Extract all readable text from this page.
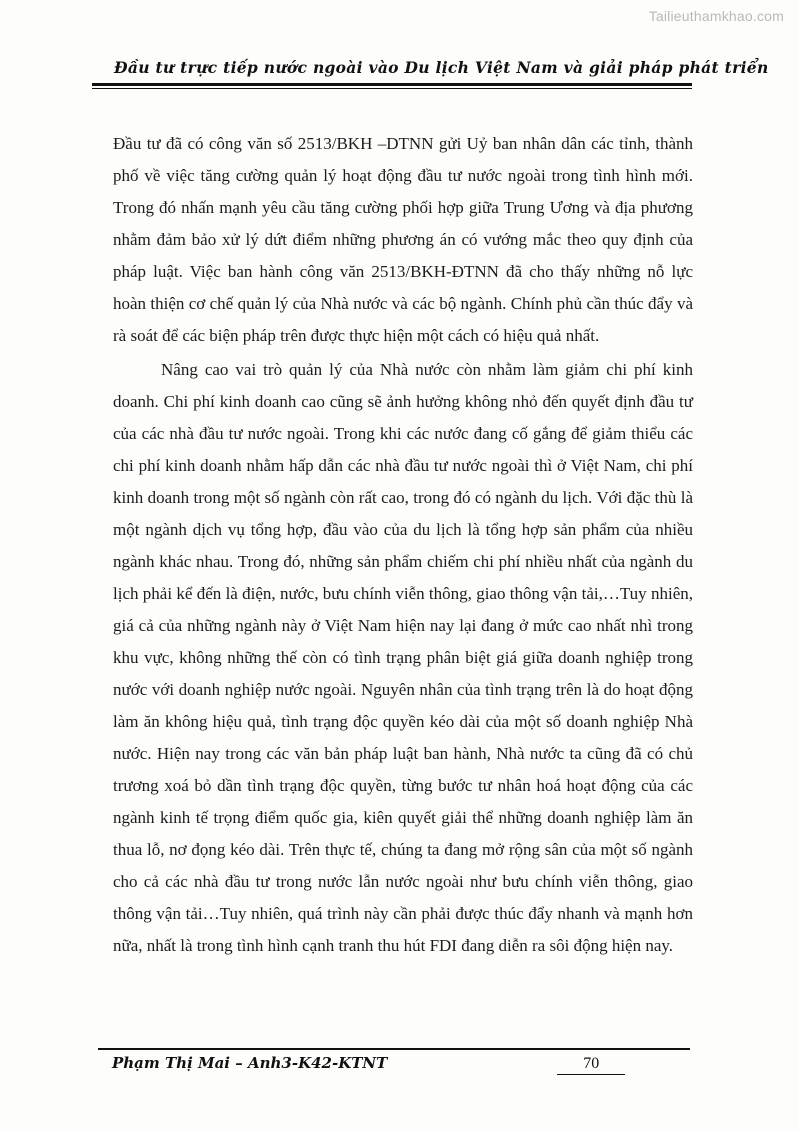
Tailieuthamkhao.com
Đầu tư trực tiếp nước ngoài vào Du lịch Việt Nam và giải pháp phát triển

Đầu tư đã có công văn số 2513/BKH –DTNN gửi Uỷ ban nhân dân các tỉnh, thành phố về việc tăng cường quản lý hoạt động đầu tư nước ngoài trong tình hình mới. Trong đó nhấn mạnh yêu cầu tăng cường phối hợp giữa Trung Ương và địa phương nhằm đảm bảo xử lý dứt điểm những phương án có vướng mắc theo quy định của pháp luật. Việc ban hành công văn 2513/BKH-ĐTNN đã cho thấy những nỗ lực hoàn thiện cơ chế quản lý của Nhà nước và các bộ ngành. Chính phủ cần thúc đẩy và rà soát để các biện pháp trên được thực hiện một cách có hiệu quả nhất.

Nâng cao vai trò quản lý của Nhà nước còn nhằm làm giảm chi phí kinh doanh. Chi phí kinh doanh cao cũng sẽ ảnh hưởng không nhỏ đến quyết định đầu tư của các nhà đầu tư nước ngoài. Trong khi các nước đang cố gắng để giảm thiểu các chi phí kinh doanh nhằm hấp dẫn các nhà đầu tư nước ngoài thì ở Việt Nam, chi phí kinh doanh trong một số ngành còn rất cao, trong đó có ngành du lịch. Với đặc thù là một ngành dịch vụ tổng hợp, đầu vào của du lịch là tổng hợp sản phẩm của nhiều ngành khác nhau. Trong đó, những sản phẩm chiếm chi phí nhiều nhất của ngành du lịch phải kể đến là điện, nước, bưu chính viễn thông, giao thông vận tải,…Tuy nhiên, giá cả của những ngành này ở Việt Nam hiện nay lại đang ở mức cao nhất nhì trong khu vực, không những thế còn có tình trạng phân biệt giá giữa doanh nghiệp trong nước với doanh nghiệp nước ngoài. Nguyên nhân của tình trạng trên là do hoạt động làm ăn không hiệu quả, tình trạng độc quyền kéo dài của một số doanh nghiệp Nhà nước. Hiện nay trong các văn bản pháp luật ban hành, Nhà nước ta cũng đã có chủ trương xoá bỏ dần tình trạng độc quyền, từng bước tư nhân hoá hoạt động của các ngành kinh tế trọng điểm quốc gia, kiên quyết giải thể những doanh nghiệp làm ăn thua lỗ, nơ đọng kéo dài. Trên thực tế, chúng ta đang mở rộng sân của một số ngành cho cả các nhà đầu tư trong nước lẫn nước ngoài như bưu chính viễn thông, giao thông vận tải…Tuy nhiên, quá trình này cần phải được thúc đẩy nhanh và mạnh hơn nữa, nhất là trong tình hình cạnh tranh thu hút FDI đang diễn ra sôi động hiện nay.

Phạm Thị Mai – Anh3-K42-KTNT	70
